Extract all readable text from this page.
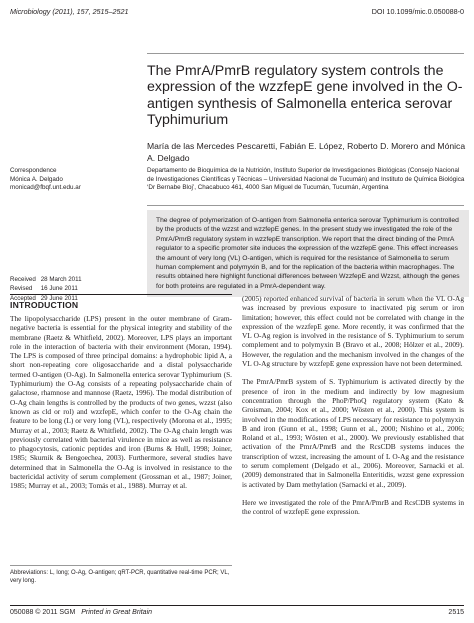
Microbiology (2011), 157, 2515–2521	DOI 10.1099/mic.0.050088-0
The PmrA/PmrB regulatory system controls the expression of the wzzfepE gene involved in the O-antigen synthesis of Salmonella enterica serovar Typhimurium
María de las Mercedes Pescaretti, Fabián E. López, Roberto D. Morero and Mónica A. Delgado
Correspondence
Mónica A. Delgado
monicad@fbqf.unt.edu.ar
Departamento de Bioquímica de la Nutrición, Instituto Superior de Investigaciones Biológicas (Consejo Nacional de Investigaciones Científicas y Técnicas – Universidad Nacional de Tucumán) and Instituto de Química Biológica ‘Dr Bernabe Bloj’, Chacabuco 461, 4000 San Miguel de Tucumán, Tucumán, Argentina
The degree of polymerization of O-antigen from Salmonella enterica serovar Typhimurium is controlled by the products of the wzzst and wzzfepE genes. In the present study we investigated the role of the PmrA/PmrB regulatory system in wzzfepE transcription. We report that the direct binding of the PmrA regulator to a specific promoter site induces the expression of the wzzfepE gene. This effect increases the amount of very long (VL) O-antigen, which is required for the resistance of Salmonella to serum human complement and polymyxin B, and for the replication of the bacteria within macrophages. The results obtained here highlight functional differences between WzzfepE and Wzzst, although the genes for both proteins are regulated in a PmrA-dependent way.
Received 28 March 2011
Revised 16 June 2011
Accepted 29 June 2011
INTRODUCTION

The lipopolysaccharide (LPS) present in the outer membrane of Gram-negative bacteria is essential for the physical integrity and stability of the membrane (Raetz & Whitfield, 2002). Moreover, LPS plays an important role in the interaction of bacteria with their environment (Moran, 1994). The LPS is composed of three principal domains: a hydrophobic lipid A, a short non-repeating core oligosaccharide and a distal polysaccharide termed O-antigen (O-Ag). In Salmonella enterica serovar Typhimurium (S. Typhimurium) the O-Ag consists of a repeating polysaccharide chain of galactose, rhamnose and mannose (Raetz, 1996). The modal distribution of O-Ag chain lengths is controlled by the products of two genes, wzzst (also known as cld or rol) and wzzfepE, which confer to the O-Ag chain the feature to be long (L) or very long (VL), respectively (Morona et al., 1995; Murray et al., 2003; Raetz & Whitfield, 2002). The O-Ag chain length was previously correlated with bacterial virulence in mice as well as resistance to phagocytosis, cationic peptides and iron (Burns & Hull, 1998; Joiner, 1985; Skurnik & Bengoechea, 2003). Furthermore, several studies have determined that in Salmonella the O-Ag is involved in resistance to the bactericidal activity of serum complement (Grossman et al., 1987; Joiner, 1985; Murray et al., 2003; Tomás et al., 1988). Murray et al.

(2005) reported enhanced survival of bacteria in serum when the VL O-Ag was increased by previous exposure to inactivated pig serum or iron limitation; however, this effect could not be correlated with change in the expression of the wzzfepE gene. More recently, it was confirmed that the VL O-Ag region is involved in the resistance of S. Typhimurium to serum complement and to polymyxin B (Bravo et al., 2008; Hölzer et al., 2009). However, the regulation and the mechanism involved in the changes of the VL O-Ag structure by wzzfepE gene expression have not been determined.

The PmrA/PmrB system of S. Typhimurium is activated directly by the presence of iron in the medium and indirectly by low magnesium concentration through the PhoP/PhoQ regulatory system (Kato & Groisman, 2004; Kox et al., 2000; Wösten et al., 2000). This system is involved in the modifications of LPS necessary for resistance to polymyxin B and iron (Gunn et al., 1998; Gunn et al., 2000; Nishino et al., 2006; Roland et al., 1993; Wösten et al., 2000). We previously established that activation of the PmrA/PmrB and the RcsCDB systems induces the transcription of wzzst, increasing the amount of L O-Ag and the resistance to serum complement (Delgado et al., 2006). Moreover, Sarnacki et al. (2009) demonstrated that in Salmonella Enteritidis, wzzst gene expression is activated by Dam methylation (Sarnacki et al., 2009).

Here we investigated the role of the PmrA/PmrB and RcsCDB systems in the control of wzzfepE gene expression.

Abbreviations: L, long; O-Ag, O-antigen; qRT-PCR, quantitative real-time PCR; VL, very long.
050088 © 2011 SGM Printed in Great Britain	2515
